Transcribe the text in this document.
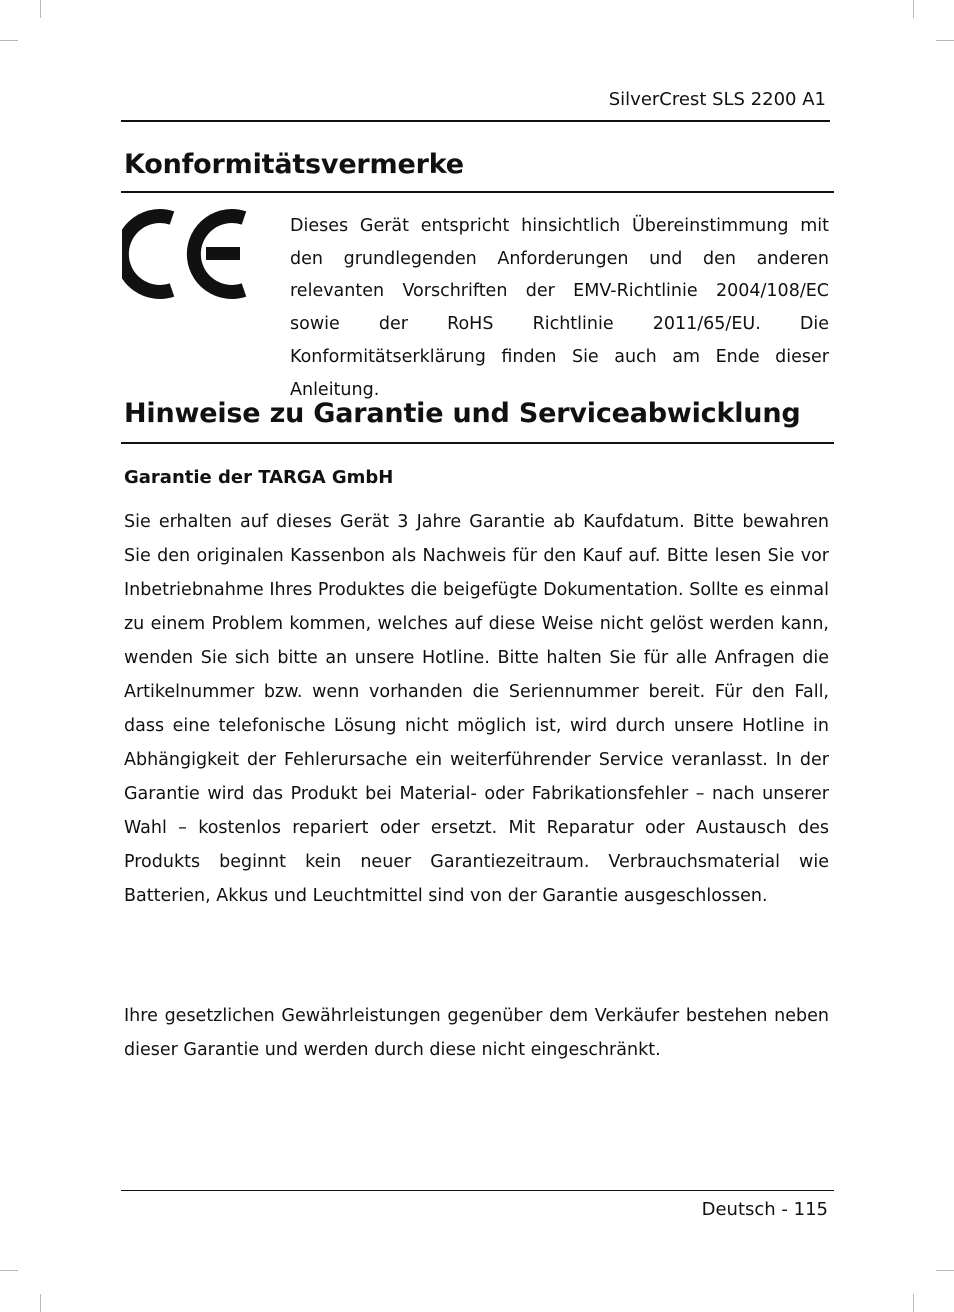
SilverCrest SLS 2200 A1
Konformitätsvermerke

Dieses Gerät entspricht hinsichtlich Übereinstimmung mit den grundlegenden Anforderungen und den anderen relevanten Vorschriften der EMV-Richtlinie 2004/108/EC sowie der RoHS Richtlinie 2011/65/EU. Die Konformitätserklärung finden Sie auch am Ende dieser Anleitung.

Hinweise zu Garantie und Serviceabwicklung
Garantie der TARGA GmbH

Sie erhalten auf dieses Gerät 3 Jahre Garantie ab Kaufdatum. Bitte bewahren Sie den originalen Kassenbon als Nachweis für den Kauf auf. Bitte lesen Sie vor Inbetriebnahme Ihres Produktes die beigefügte Dokumentation. Sollte es einmal zu einem Problem kommen, welches auf diese Weise nicht gelöst werden kann, wenden Sie sich bitte an unsere Hotline. Bitte halten Sie für alle Anfragen die Artikelnummer bzw. wenn vorhanden die Seriennummer bereit. Für den Fall, dass eine telefonische Lösung nicht möglich ist, wird durch unsere Hotline in Abhängigkeit der Fehlerursache ein weiterführender Service veranlasst. In der Garantie wird das Produkt bei Material- oder Fabrikationsfehler – nach unserer Wahl – kostenlos repariert oder ersetzt. Mit Reparatur oder Austausch des Produkts beginnt kein neuer Garantiezeitraum. Verbrauchsmaterial wie Batterien, Akkus und Leuchtmittel sind von der Garantie ausgeschlossen.

Ihre gesetzlichen Gewährleistungen gegenüber dem Verkäufer bestehen neben dieser Garantie und werden durch diese nicht eingeschränkt.

Deutsch - 115
